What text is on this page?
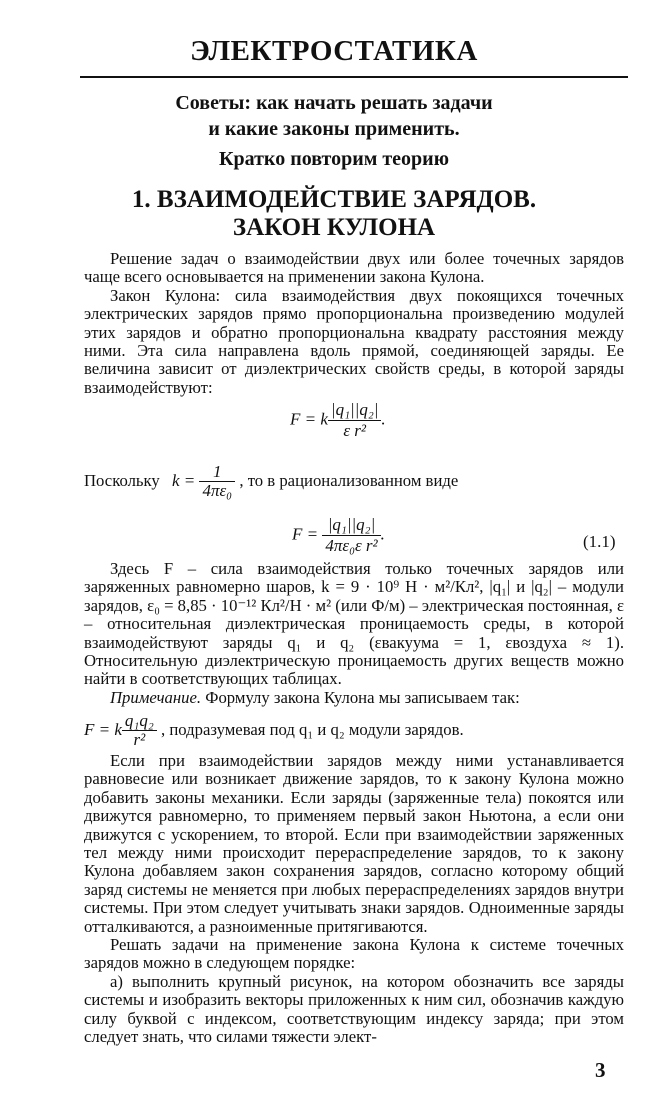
ЭЛЕКТРОСТАТИКА
Советы: как начать решать задачи
и какие законы применить.
Кратко повторим теорию
1. ВЗАИМОДЕЙСТВИЕ ЗАРЯДОВ.
ЗАКОН КУЛОНА

Решение задач о взаимодействии двух или более точечных зарядов чаще всего основывается на применении закона Кулона.

Закон Кулона: сила взаимодействия двух покоящихся точечных электрических зарядов прямо пропорциональна произведению модулей этих зарядов и обратно пропорциональна квадрату расстояния между ними. Эта сила направлена вдоль прямой, соединяющей заряды. Ее величина зависит от диэлектрических свойств среды, в которой заряды взаимодействуют:

F = k $\frac{\text{|q₁||q₂|}}{\text{ε r²}}$ .

Поскольку $k = \frac{1}{\text{4πε₀}}$ , то в рационализованном виде

$F = \frac{\text{|q₁||q₂|}}{\text{4πε₀ε r²}}$ .	(1.1)

Здесь F – сила взаимодействия только точечных зарядов или заряженных равномерно шаров, k = 9 · 10⁹ Н · м²/Кл², |q₁| и |q₂| – модули зарядов, ε₀ = 8,85 · 10⁻¹² Кл²/Н · м² (или Ф/м) – электрическая постоянная, ε – относительная диэлектрическая проницаемость среды, в которой взаимодействуют заряды q₁ и q₂ (εвакуума = 1, εвоздуха ≈ 1). Относительную диэлектрическую проницаемость других веществ можно найти в соответствующих таблицах.

Примечание. Формулу закона Кулона мы записываем так:

F = k $\frac{\text{q₁q₂}}{\text{r²}}$ , подразумевая под q₁ и q₂ модули зарядов.

Если при взаимодействии зарядов между ними устанавливается равновесие или возникает движение зарядов, то к закону Кулона можно добавить законы механики. Если заряды (заряженные тела) покоятся или движутся равномерно, то применяем первый закон Ньютона, а если они движутся с ускорением, то второй. Если при взаимодействии заряженных тел между ними происходит перераспределение зарядов, то к закону Кулона добавляем закон сохранения зарядов, согласно которому общий заряд системы не меняется при любых перераспределениях зарядов внутри системы. При этом следует учитывать знаки зарядов. Одноименные заряды отталкиваются, а разноименные притягиваются.

Решать задачи на применение закона Кулона к системе точечных зарядов можно в следующем порядке:

а) выполнить крупный рисунок, на котором обозначить все заряды системы и изобразить векторы приложенных к ним сил, обозначив каждую силу буквой с индексом, соответствующим индексу заряда; при этом следует знать, что силами тяжести элект-

3
